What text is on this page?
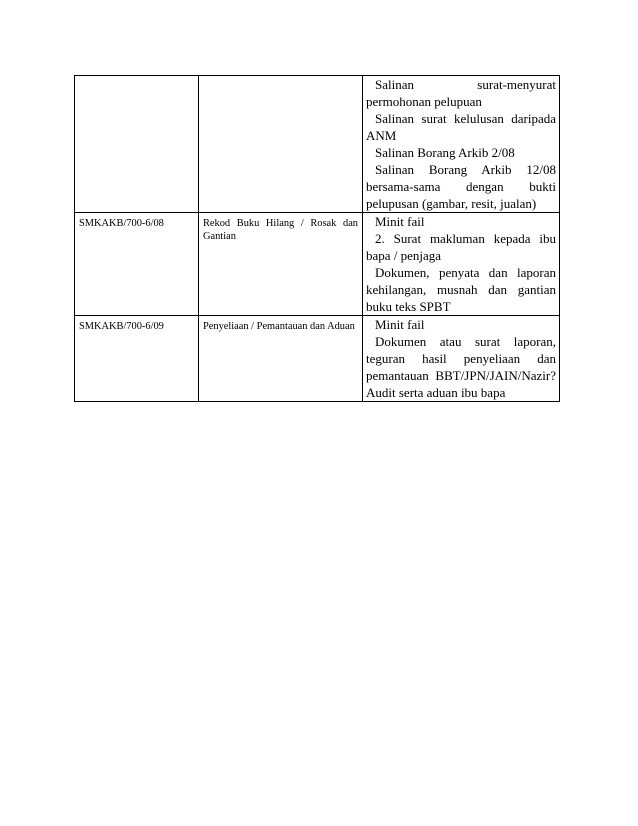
		Salinan surat-menyurat permohonan pelupuan
Salinan surat kelulusan daripada ANM
Salinan Borang Arkib 2/08
Salinan Borang Arkib 12/08 bersama-sama dengan bukti pelupusan (gambar, resit, jualan)

SMKAKB/700-6/08	Rekod Buku Hilang / Rosak dan Gantian	Minit fail
2. Surat makluman kepada ibu bapa / penjaga
Dokumen, penyata dan laporan kehilangan, musnah dan gantian buku teks SPBT

SMKAKB/700-6/09	Penyeliaan / Pemantauan dan Aduan	Minit fail
Dokumen atau surat laporan, teguran hasil penyeliaan dan pemantauan BBT/JPN/JAIN/Nazir?Audit serta aduan ibu bapa
